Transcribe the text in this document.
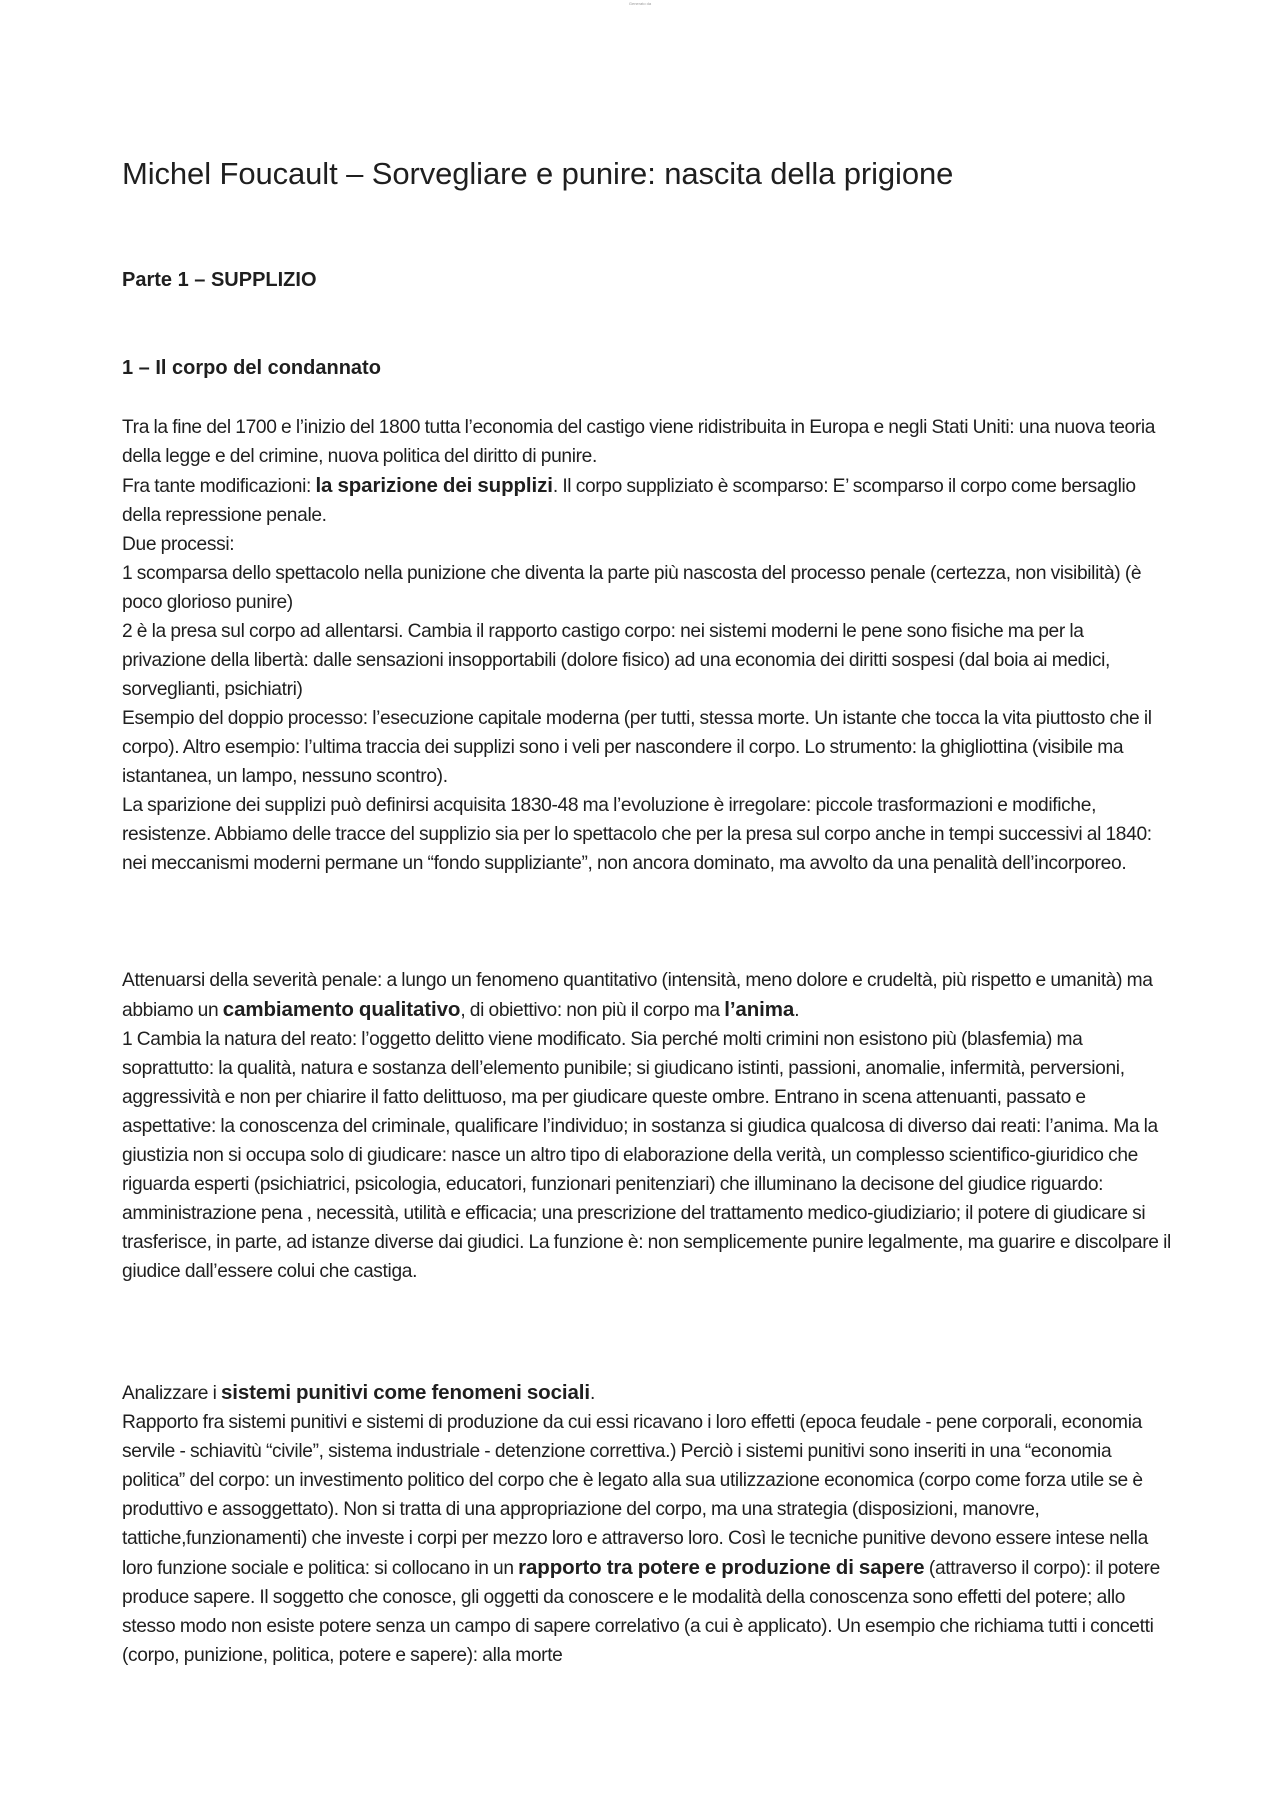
Generato da
Michel Foucault – Sorvegliare e punire: nascita della prigione
Parte 1 – SUPPLIZIO
1 – Il corpo del condannato

Tra la fine del 1700 e l’inizio del 1800 tutta l’economia del castigo viene ridistribuita in Europa e negli Stati Uniti: una nuova teoria della legge e del crimine, nuova politica del diritto di punire.

Fra tante modificazioni: la sparizione dei supplizi. Il corpo suppliziato è scomparso: E’ scomparso il corpo come bersaglio della repressione penale.

Due processi:

1 scomparsa dello spettacolo nella punizione che diventa la parte più nascosta del processo penale (certezza, non visibilità) (è poco glorioso punire)

2 è la presa sul corpo ad allentarsi. Cambia il rapporto castigo corpo: nei sistemi moderni le pene sono fisiche ma per la privazione della libertà: dalle sensazioni insopportabili (dolore fisico) ad una economia dei diritti sospesi (dal boia ai medici, sorveglianti, psichiatri)

Esempio del doppio processo: l’esecuzione capitale moderna (per tutti, stessa morte. Un istante che tocca la vita piuttosto che il corpo). Altro esempio: l’ultima traccia dei supplizi sono i veli per nascondere il corpo. Lo strumento: la ghigliottina (visibile ma istantanea, un lampo, nessuno scontro).

La sparizione dei supplizi può definirsi acquisita 1830-48 ma l’evoluzione è irregolare: piccole trasformazioni e modifiche, resistenze. Abbiamo delle tracce del supplizio sia per lo spettacolo che per la presa sul corpo anche in tempi successivi al 1840: nei meccanismi moderni permane un “fondo suppliziante”, non ancora dominato, ma avvolto da una penalità dell’incorporeo.

Attenuarsi della severità penale: a lungo un fenomeno quantitativo (intensità, meno dolore e crudeltà, più rispetto e umanità) ma abbiamo un cambiamento qualitativo, di obiettivo: non più il corpo ma l’anima.

1 Cambia la natura del reato: l’oggetto delitto viene modificato. Sia perché molti crimini non esistono più (blasfemia) ma soprattutto: la qualità, natura e sostanza dell’elemento punibile; si giudicano istinti, passioni, anomalie, infermità, perversioni, aggressività e non per chiarire il fatto delittuoso, ma per giudicare queste ombre. Entrano in scena attenuanti, passato e aspettative: la conoscenza del criminale, qualificare l’individuo; in sostanza si giudica qualcosa di diverso dai reati: l’anima. Ma la giustizia non si occupa solo di giudicare: nasce un altro tipo di elaborazione della verità, un complesso scientifico-giuridico che riguarda esperti (psichiatrici, psicologia, educatori, funzionari penitenziari) che illuminano la decisone del giudice riguardo: amministrazione pena , necessità, utilità e efficacia; una prescrizione del trattamento medico-giudiziario; il potere di giudicare si trasferisce, in parte, ad istanze diverse dai giudici. La funzione è: non semplicemente punire legalmente, ma guarire e discolpare il giudice dall’essere colui che castiga.

Analizzare i sistemi punitivi come fenomeni sociali.

Rapporto fra sistemi punitivi e sistemi di produzione da cui essi ricavano i loro effetti (epoca feudale - pene corporali, economia servile - schiavitù “civile”, sistema industriale - detenzione correttiva.) Perciò i sistemi punitivi sono inseriti in una “economia politica” del corpo: un investimento politico del corpo che è legato alla sua utilizzazione economica (corpo come forza utile se è produttivo e assoggettato). Non si tratta di una appropriazione del corpo, ma una strategia (disposizioni, manovre, tattiche,funzionamenti) che investe i corpi per mezzo loro e attraverso loro. Così le tecniche punitive devono essere intese nella loro funzione sociale e politica: si collocano in un rapporto tra potere e produzione di sapere (attraverso il corpo): il potere produce sapere. Il soggetto che conosce, gli oggetti da conoscere e le modalità della conoscenza sono effetti del potere; allo stesso modo non esiste potere senza un campo di sapere correlativo (a cui è applicato). Un esempio che richiama tutti i concetti (corpo, punizione, politica, potere e sapere): alla morte
